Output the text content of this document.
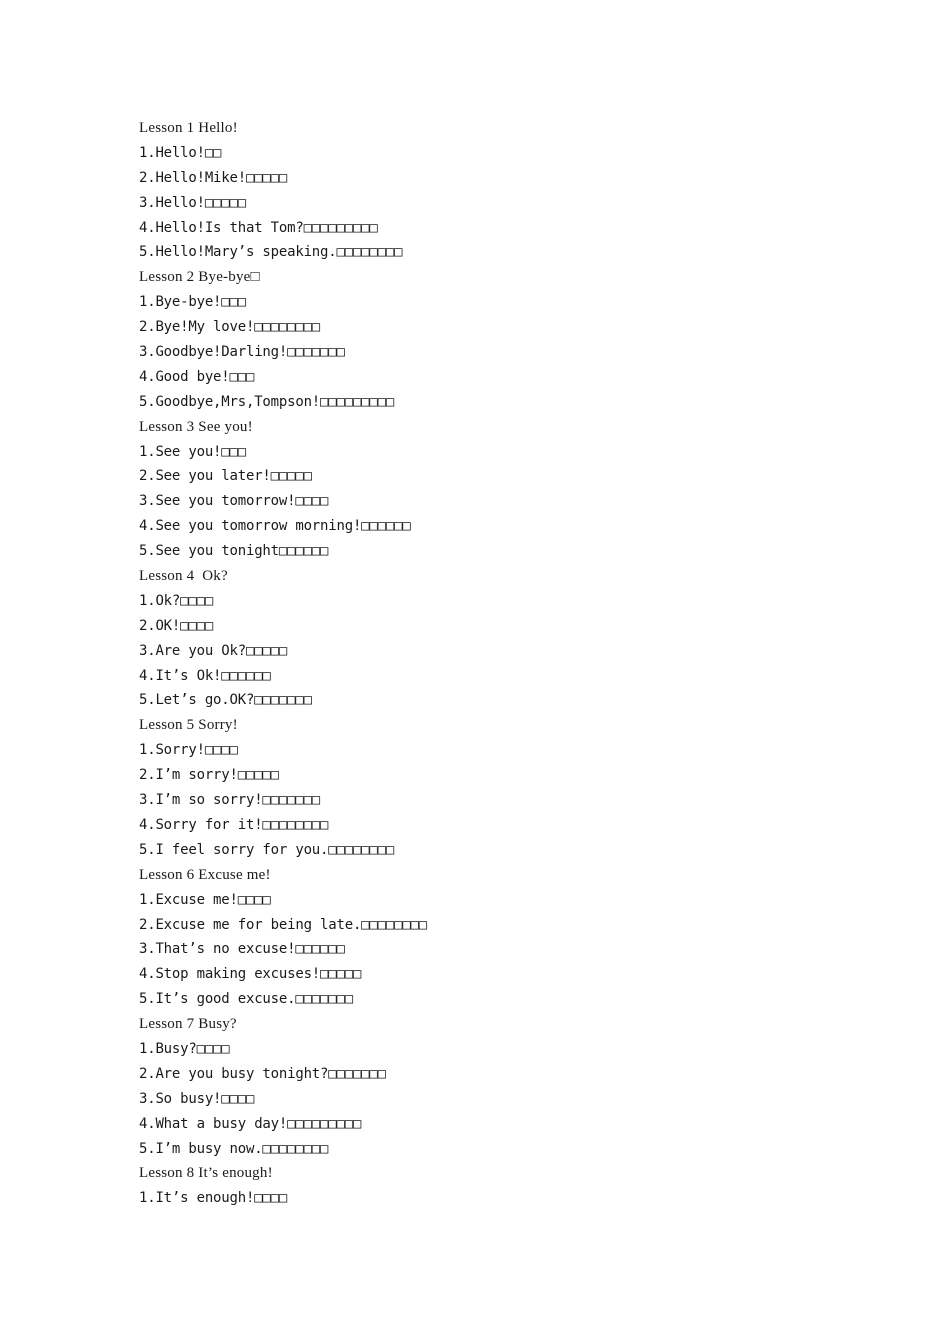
Lesson 1 Hello!
1.Hello!□□
2.Hello!Mike!□□□□□
3.Hello!□□□□□
4.Hello!Is that Tom?□□□□□□□□□
5.Hello!Mary’s speaking.□□□□□□□□
Lesson 2 Bye-bye□
1.Bye-bye!□□□
2.Bye!My love!□□□□□□□□
3.Goodbye!Darling!□□□□□□□
4.Good bye!□□□
5.Goodbye,Mrs,Tompson!□□□□□□□□□
Lesson 3 See you!
1.See you!□□□
2.See you later!□□□□□
3.See you tomorrow!□□□□
4.See you tomorrow morning!□□□□□□
5.See you tonight□□□□□□
Lesson 4  Ok?
1.Ok?□□□□
2.OK!□□□□
3.Are you Ok?□□□□□
4.It’s Ok!□□□□□□
5.Let’s go.OK?□□□□□□□
Lesson 5 Sorry!
1.Sorry!□□□□
2.I’m sorry!□□□□□
3.I’m so sorry!□□□□□□□
4.Sorry for it!□□□□□□□□
5.I feel sorry for you.□□□□□□□□
Lesson 6 Excuse me!
1.Excuse me!□□□□
2.Excuse me for being late.□□□□□□□□
3.That’s no excuse!□□□□□□
4.Stop making excuses!□□□□□
5.It’s good excuse.□□□□□□□
Lesson 7 Busy?
1.Busy?□□□□
2.Are you busy tonight?□□□□□□□
3.So busy!□□□□
4.What a busy day!□□□□□□□□□
5.I’m busy now.□□□□□□□□
Lesson 8 It’s enough!
1.It’s enough!□□□□
